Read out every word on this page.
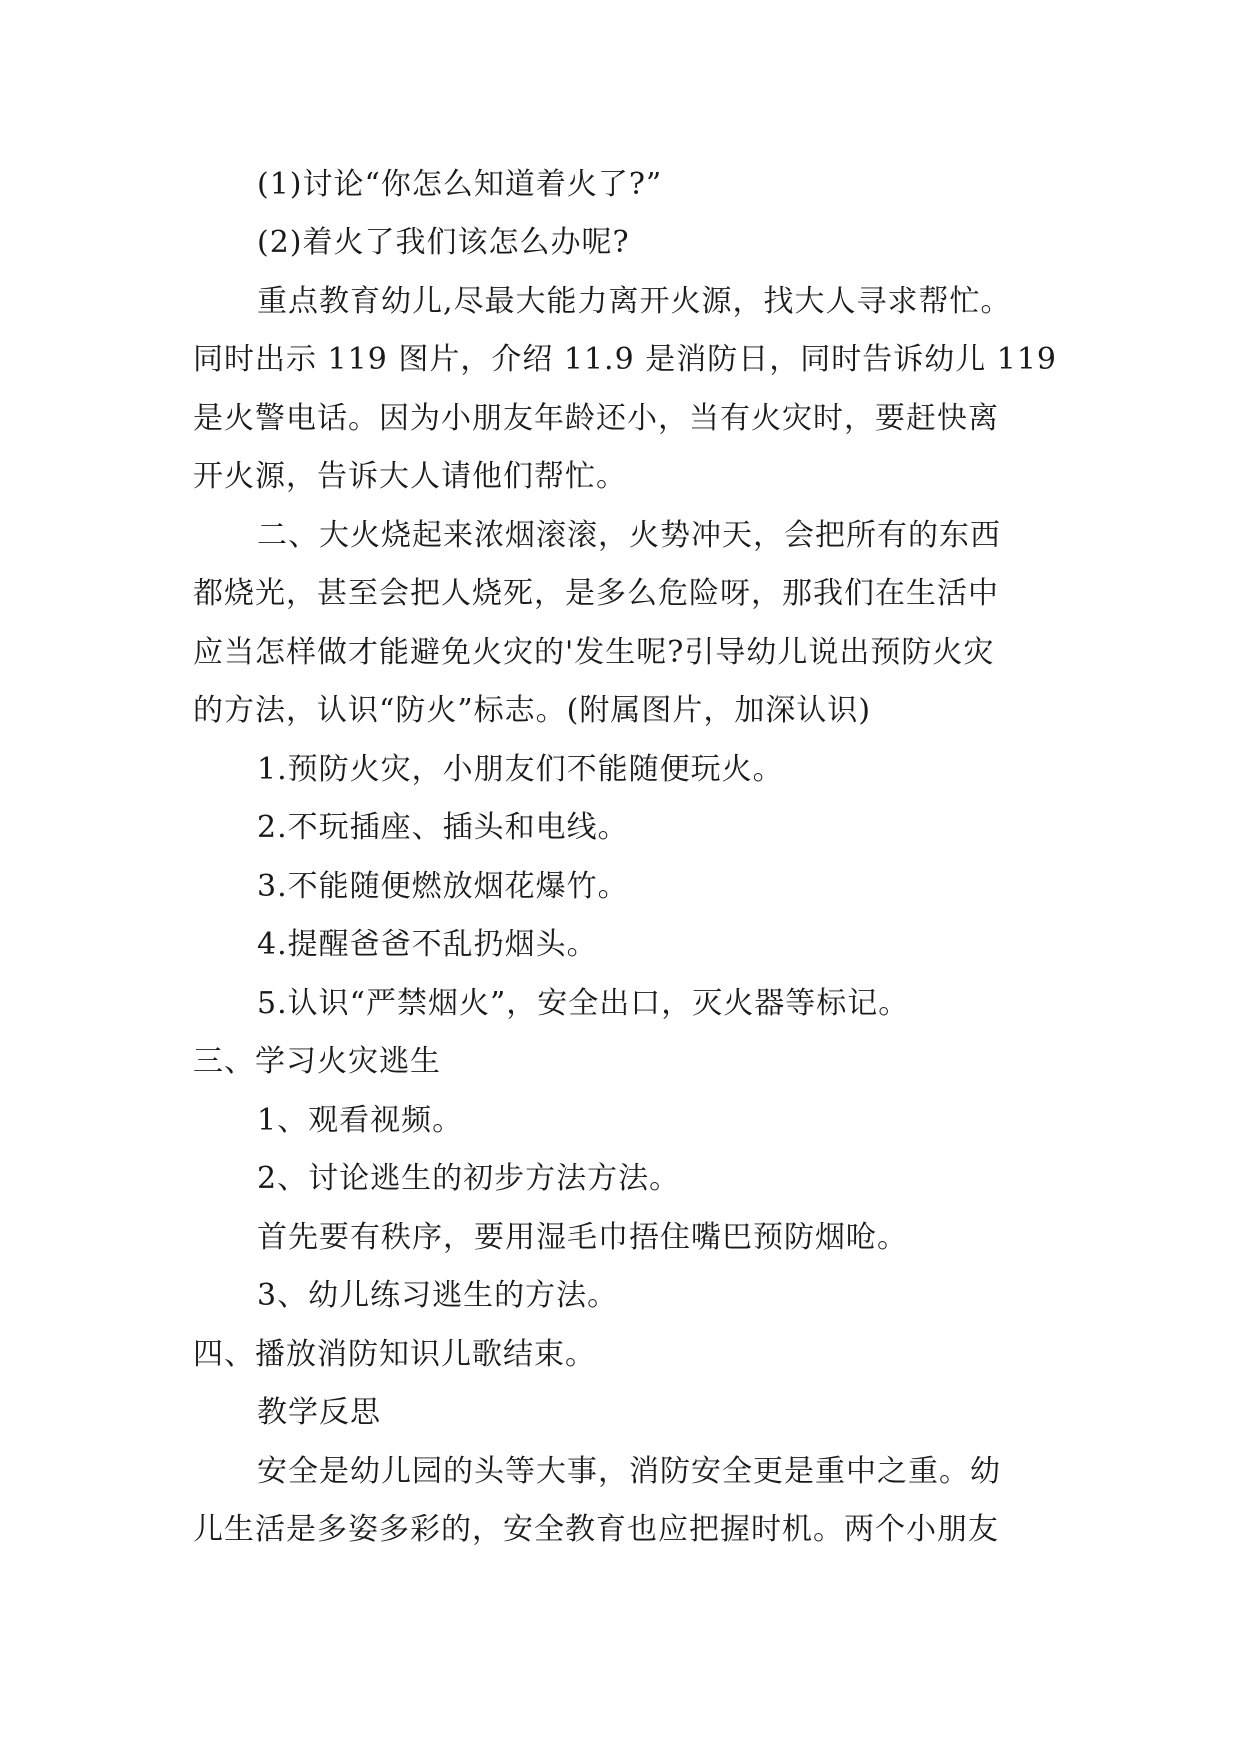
(1)讨论“你怎么知道着火了?”
(2)着火了我们该怎么办呢?
重点教育幼儿,尽最大能力离开火源，找大人寻求帮忙。
同时出示 119 图片，介绍 11.9 是消防日，同时告诉幼儿 119
是火警电话。因为小朋友年龄还小，当有火灾时，要赶快离
开火源，告诉大人请他们帮忙。
二、大火烧起来浓烟滚滚，火势冲天，会把所有的东西
都烧光，甚至会把人烧死，是多么危险呀，那我们在生活中
应当怎样做才能避免火灾的'发生呢?引导幼儿说出预防火灾
的方法，认识“防火”标志。(附属图片，加深认识)
1.预防火灾，小朋友们不能随便玩火。
2.不玩插座、插头和电线。
3.不能随便燃放烟花爆竹。
4.提醒爸爸不乱扔烟头。
5.认识“严禁烟火”，安全出口，灭火器等标记。
三、学习火灾逃生
1、观看视频。
2、讨论逃生的初步方法方法。
首先要有秩序，要用湿毛巾捂住嘴巴预防烟呛。
3、幼儿练习逃生的方法。
四、播放消防知识儿歌结束。
教学反思
安全是幼儿园的头等大事，消防安全更是重中之重。幼
儿生活是多姿多彩的，安全教育也应把握时机。两个小朋友
